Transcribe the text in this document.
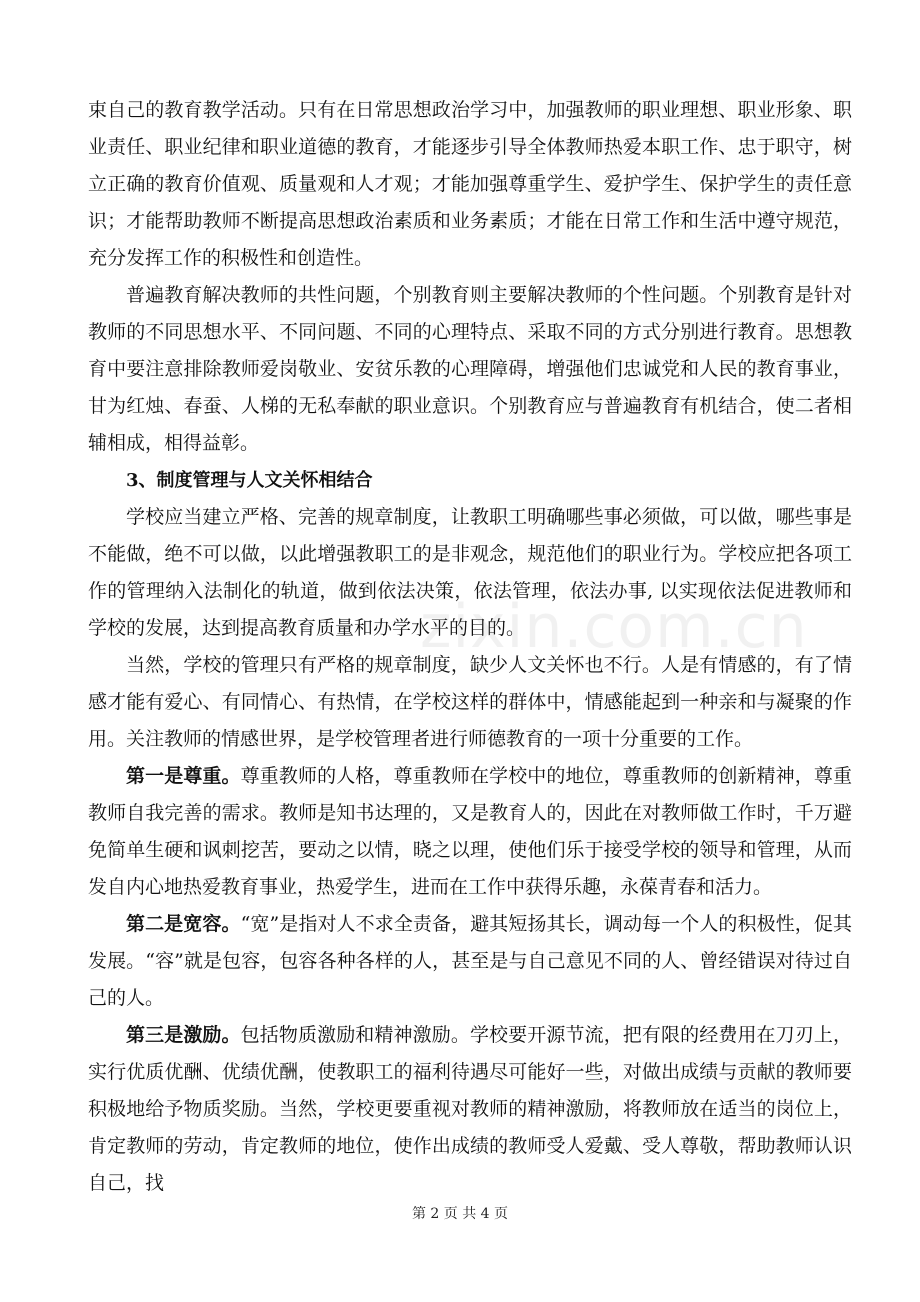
束自己的教育教学活动。只有在日常思想政治学习中，加强教师的职业理想、职业形象、职业责任、职业纪律和职业道德的教育，才能逐步引导全体教师热爱本职工作、忠于职守，树立正确的教育价值观、质量观和人才观；才能加强尊重学生、爱护学生、保护学生的责任意识；才能帮助教师不断提高思想政治素质和业务素质；才能在日常工作和生活中遵守规范，充分发挥工作的积极性和创造性。

普遍教育解决教师的共性问题，个别教育则主要解决教师的个性问题。个别教育是针对教师的不同思想水平、不同问题、不同的心理特点、采取不同的方式分别进行教育。思想教育中要注意排除教师爱岗敬业、安贫乐教的心理障碍，增强他们忠诚党和人民的教育事业，甘为红烛、春蚕、人梯的无私奉献的职业意识。个别教育应与普遍教育有机结合，使二者相辅相成，相得益彰。

3、制度管理与人文关怀相结合

学校应当建立严格、完善的规章制度，让教职工明确哪些事必须做，可以做，哪些事是不能做，绝不可以做，以此增强教职工的是非观念，规范他们的职业行为。学校应把各项工作的管理纳入法制化的轨道，做到依法决策，依法管理，依法办事, 以实现依法促进教师和学校的发展，达到提高教育质量和办学水平的目的。

当然，学校的管理只有严格的规章制度，缺少人文关怀也不行。人是有情感的，有了情感才能有爱心、有同情心、有热情，在学校这样的群体中，情感能起到一种亲和与凝聚的作用。关注教师的情感世界，是学校管理者进行师德教育的一项十分重要的工作。

第一是尊重。尊重教师的人格，尊重教师在学校中的地位，尊重教师的创新精神，尊重教师自我完善的需求。教师是知书达理的，又是教育人的，因此在对教师做工作时，千万避免简单生硬和讽刺挖苦，要动之以情，晓之以理，使他们乐于接受学校的领导和管理，从而发自内心地热爱教育事业，热爱学生，进而在工作中获得乐趣，永葆青春和活力。

第二是宽容。“宽”是指对人不求全责备，避其短扬其长，调动每一个人的积极性，促其发展。“容”就是包容，包容各种各样的人，甚至是与自己意见不同的人、曾经错误对待过自己的人。

第三是激励。包括物质激励和精神激励。学校要开源节流，把有限的经费用在刀刃上，实行优质优酬、优绩优酬，使教职工的福利待遇尽可能好一些，对做出成绩与贡献的教师要积极地给予物质奖励。当然，学校更要重视对教师的精神激励，将教师放在适当的岗位上，肯定教师的劳动，肯定教师的地位，使作出成绩的教师受人爱戴、受人尊敬，帮助教师认识自己，找

zixin.com.cn
第 2 页 共 4 页
